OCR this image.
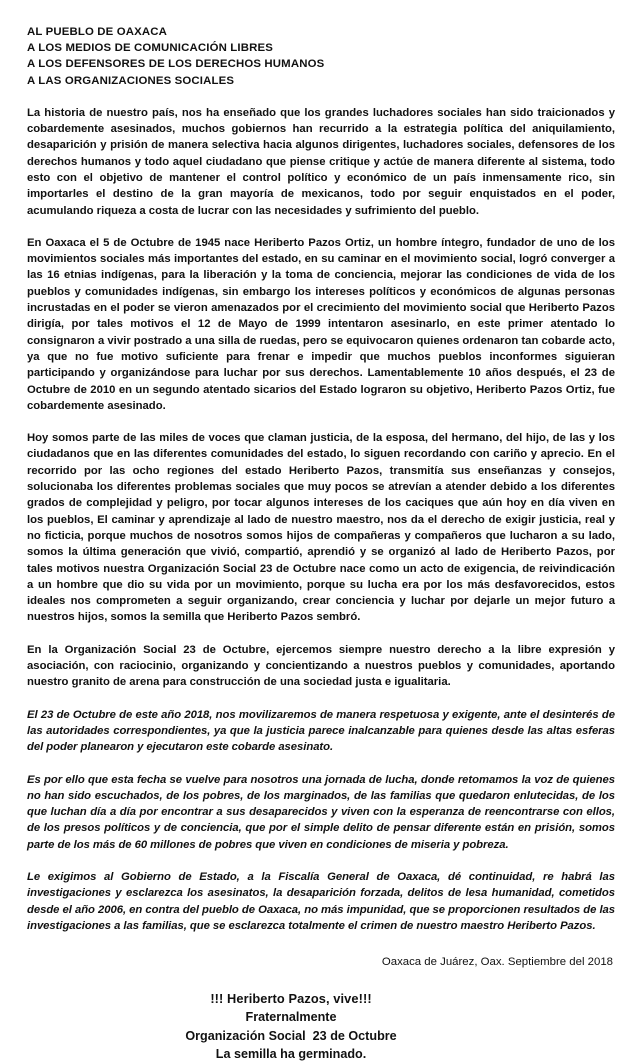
AL PUEBLO DE OAXACA
A LOS MEDIOS DE COMUNICACIÓN LIBRES
A LOS DEFENSORES DE LOS DERECHOS HUMANOS
A LAS ORGANIZACIONES SOCIALES

La historia de nuestro país, nos ha enseñado que los grandes luchadores sociales han sido traicionados y cobardemente asesinados, muchos gobiernos han recurrido a la estrategia política del aniquilamiento, desaparición y prisión de manera selectiva hacia algunos dirigentes, luchadores sociales, defensores de los derechos humanos y todo aquel ciudadano que piense critique y actúe de manera diferente al sistema, todo esto con el objetivo de mantener el control político y económico de un país inmensamente rico, sin importarles el destino de la gran mayoría de mexicanos, todo por seguir enquistados en el poder, acumulando riqueza a costa de lucrar con las necesidades y sufrimiento del pueblo.

En Oaxaca el 5 de Octubre de 1945 nace Heriberto Pazos Ortiz, un hombre íntegro, fundador de uno de los movimientos sociales más importantes del estado, en su caminar en el movimiento social, logró converger a las 16 etnias indígenas, para la liberación y la toma de conciencia, mejorar las condiciones de vida de los pueblos y comunidades indígenas, sin embargo los intereses políticos y económicos de algunas personas incrustadas en el poder se vieron amenazados por el crecimiento del movimiento social que Heriberto Pazos dirigía, por tales motivos el 12 de Mayo de 1999 intentaron asesinarlo, en este primer atentado lo consignaron a vivir postrado a una silla de ruedas, pero se equivocaron quienes ordenaron tan cobarde acto, ya que no fue motivo suficiente para frenar e impedir que muchos pueblos inconformes siguieran participando y organizándose para luchar por sus derechos. Lamentablemente 10 años después, el 23 de Octubre de 2010 en un segundo atentado sicarios del Estado lograron su objetivo, Heriberto Pazos Ortiz, fue cobardemente asesinado.

Hoy somos parte de las miles de voces que claman justicia, de la esposa, del hermano, del hijo, de las y los ciudadanos que en las diferentes comunidades del estado, lo siguen recordando con cariño y aprecio. En el recorrido por las ocho regiones del estado Heriberto Pazos, transmitía sus enseñanzas y consejos, solucionaba los diferentes problemas sociales que muy pocos se atrevían a atender debido a los diferentes grados de complejidad y peligro, por tocar algunos intereses de los caciques que aún hoy en día viven en los pueblos, El caminar y aprendizaje al lado de nuestro maestro, nos da el derecho de exigir justicia, real y no ficticia, porque muchos de nosotros somos hijos de compañeras y compañeros que lucharon a su lado, somos la última generación que vivió, compartió, aprendió y se organizó al lado de Heriberto Pazos, por tales motivos nuestra Organización Social 23 de Octubre nace como un acto de exigencia, de reivindicación a un hombre que dio su vida por un movimiento, porque su lucha era por los más desfavorecidos, estos ideales nos comprometen a seguir organizando, crear conciencia y luchar por dejarle un mejor futuro a nuestros hijos, somos la semilla que Heriberto Pazos sembró.

En la Organización Social 23 de Octubre, ejercemos siempre nuestro derecho a la libre expresión y asociación, con raciocinio, organizando y concientizando a nuestros pueblos y comunidades, aportando nuestro granito de arena para construcción de una sociedad justa e igualitaria.

El 23 de Octubre de este año 2018, nos movilizaremos de manera respetuosa y exigente, ante el desinterés de las autoridades correspondientes, ya que la justicia parece inalcanzable para quienes desde las altas esferas del poder planearon y ejecutaron este cobarde asesinato.

Es por ello que esta fecha se vuelve para nosotros una jornada de lucha, donde retomamos la voz de quienes no han sido escuchados, de los pobres, de los marginados, de las familias que quedaron enlutecidas, de los que luchan día a día por encontrar a sus desaparecidos y viven con la esperanza de reencontrarse con ellos, de los presos políticos y de conciencia, que por el simple delito de pensar diferente están en prisión, somos parte de los más de 60 millones de pobres que viven en condiciones de miseria y pobreza.

Le exigimos al Gobierno de Estado, a la Fiscalía General de Oaxaca, dé continuidad, re habrá las investigaciones y esclarezca los asesinatos, la desaparición forzada, delitos de lesa humanidad, cometidos desde el año 2006, en contra del pueblo de Oaxaca, no más impunidad, que se proporcionen resultados de las investigaciones a las familias, que se esclarezca totalmente el crimen de nuestro maestro Heriberto Pazos.

Oaxaca de Juárez, Oax. Septiembre del 2018
!!! Heriberto Pazos, vive!!!
Fraternalmente
Organización Social  23 de Octubre
La semilla ha germinado.
